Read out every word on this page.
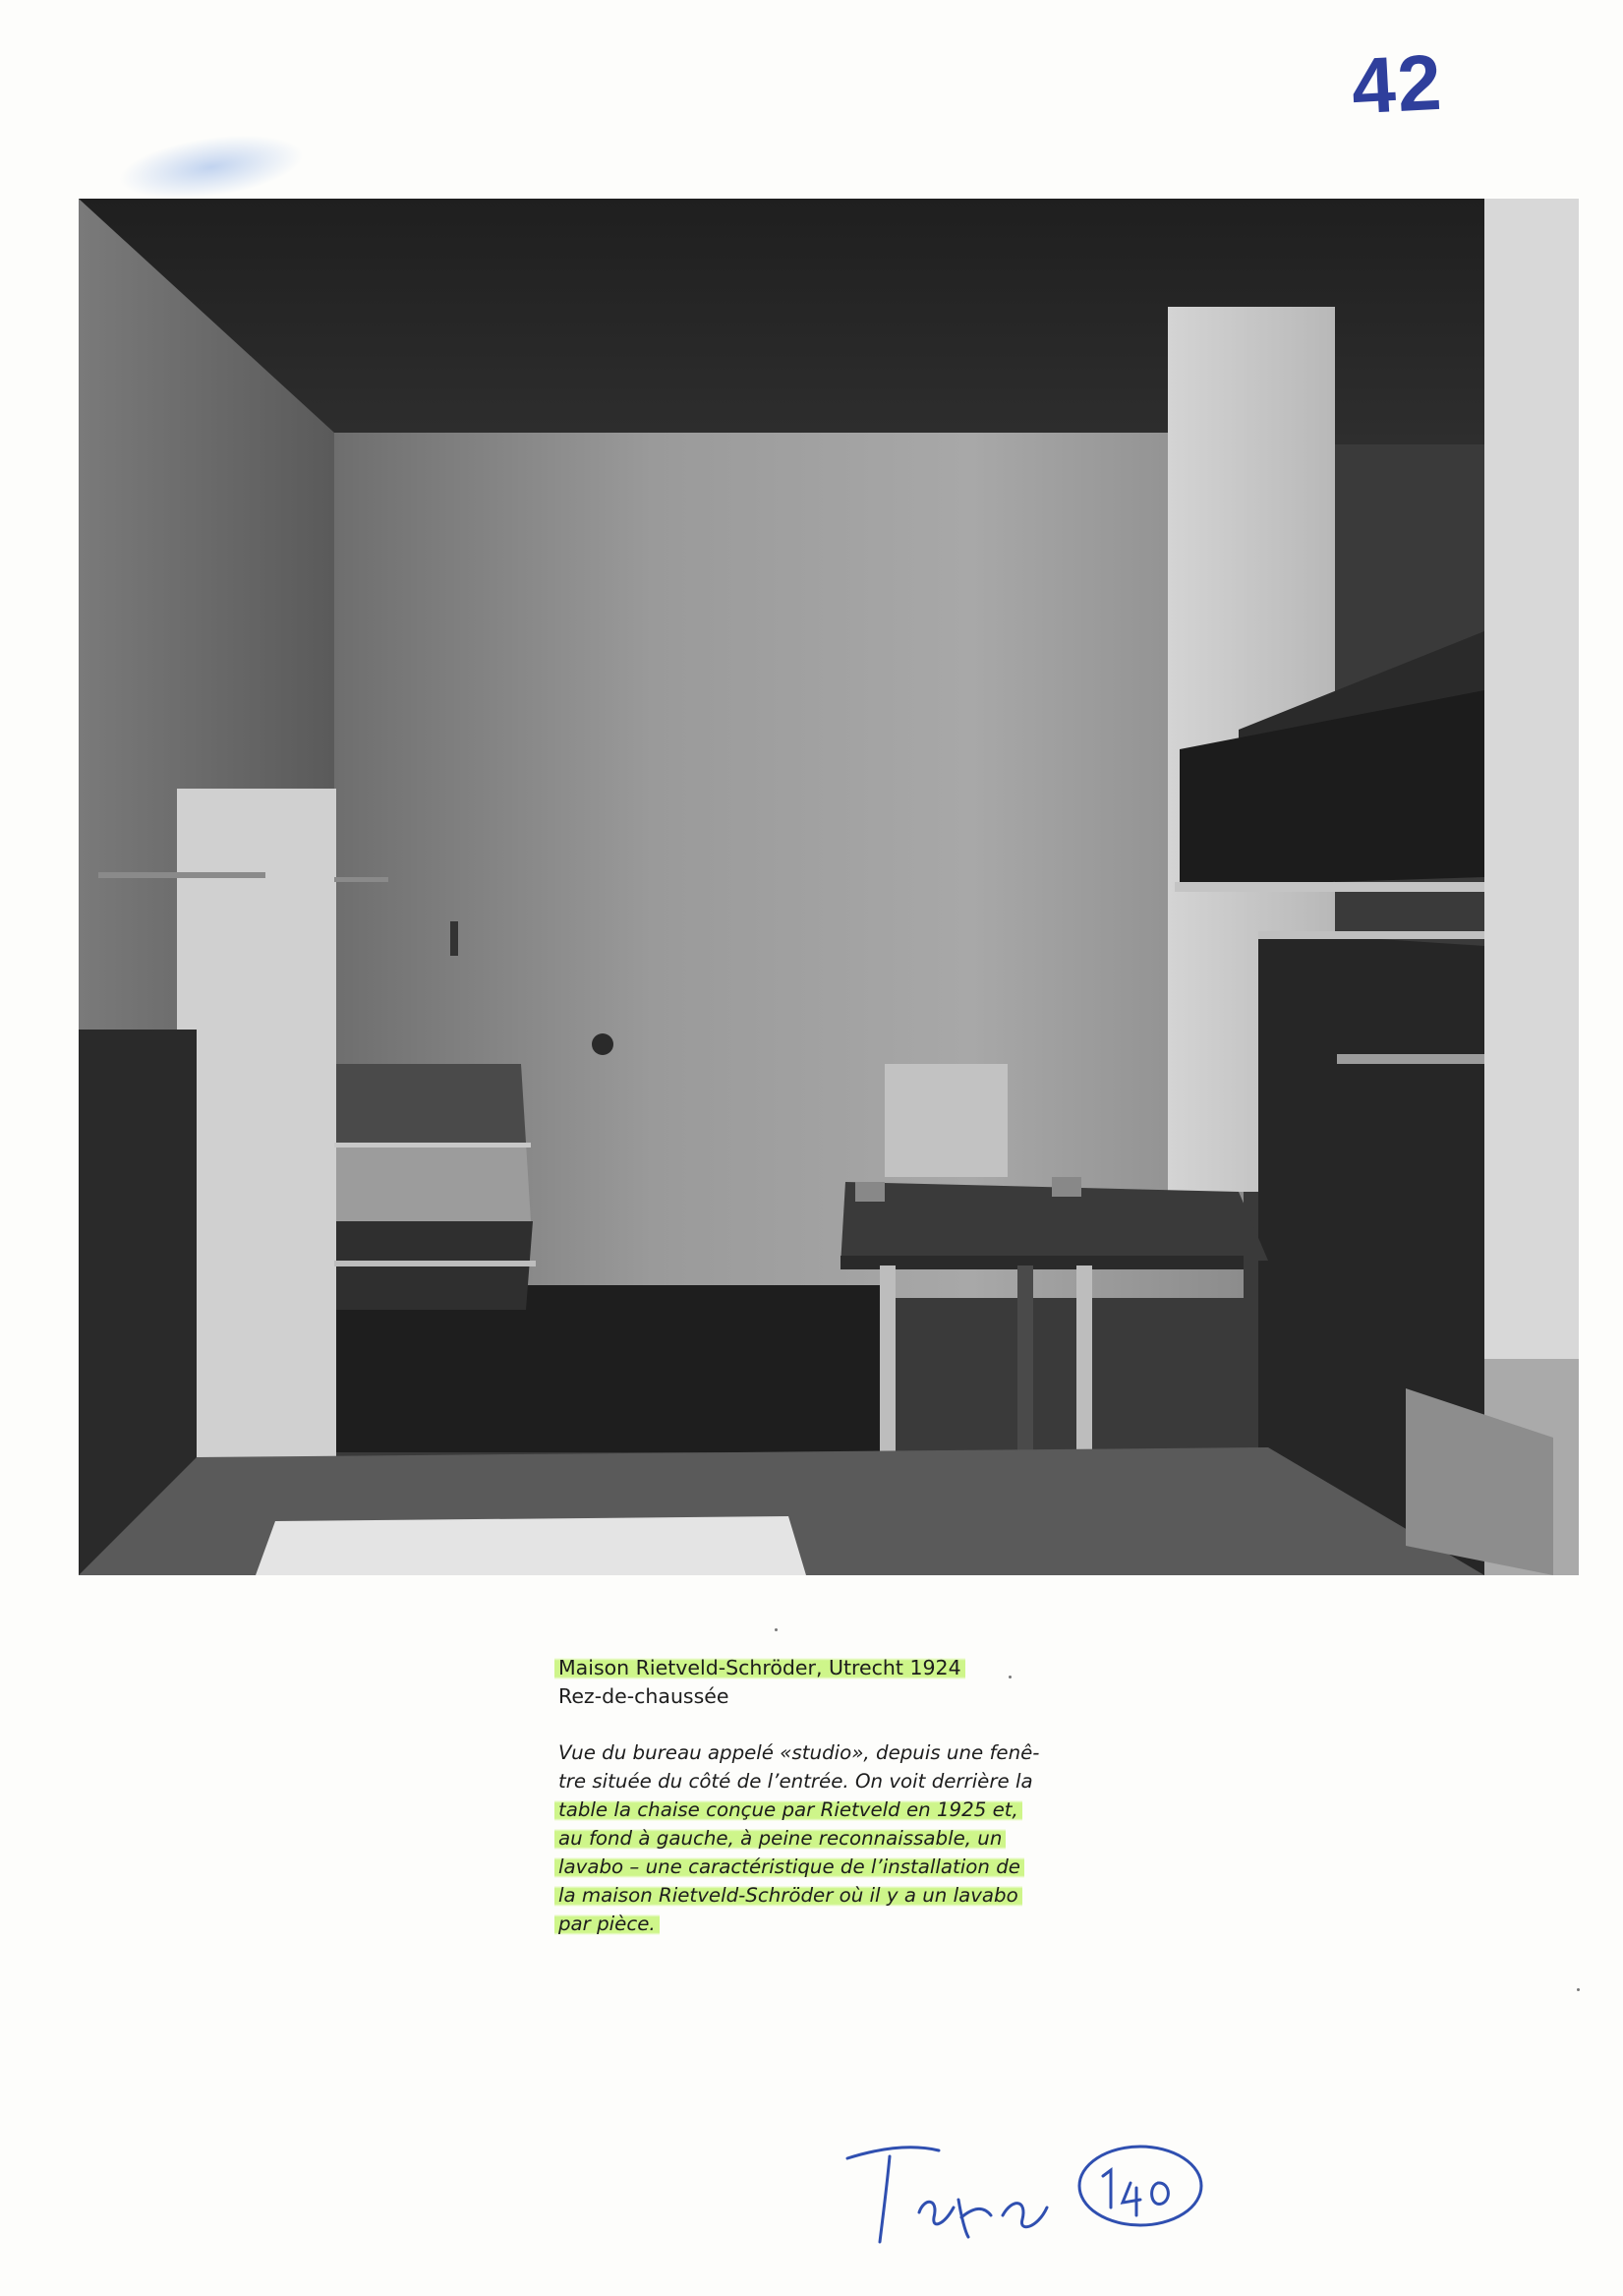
42
Maison Rietveld-Schröder, Utrecht 1924
Rez-de-chaussée
Vue du bureau appelé «studio», depuis une fenê-
tre située du côté de l’entrée. On voit derrière la
table la chaise conçue par Rietveld en 1925 et,
au fond à gauche, à peine reconnaissable, un
lavabo – une caractéristique de l’installation de
la maison Rietveld-Schröder où il y a un lavabo
par pièce.
